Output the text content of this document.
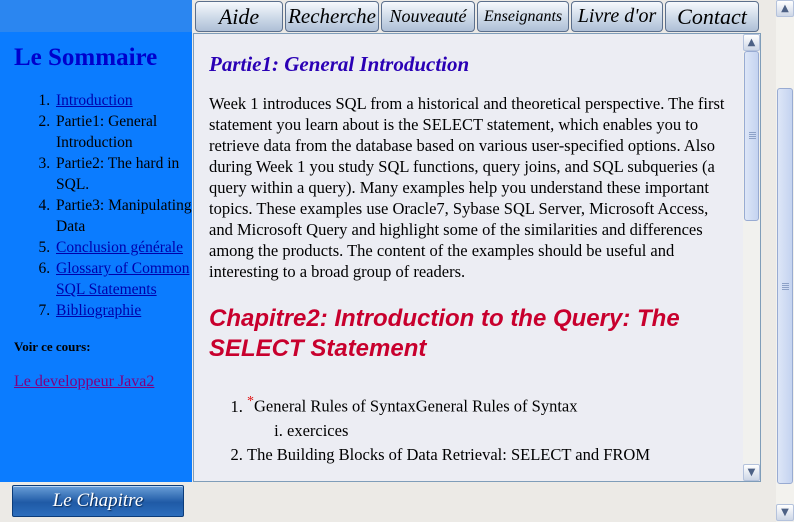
Aide	Recherche Nouveauté	Enseignants Livre d'or Contact
Le Sommaire
1. Introduction
2. Partie1: General Introduction
3. Partie2: The hard in SQL.
4. Partie3: Manipulating Data
5. Conclusion générale
6. Glossary of Common SQL Statements
7. Bibliographie
Voir ce cours:
Le developpeur Java2
Le Chapitre
Partie1: General Introduction

Week 1 introduces SQL from a historical and theoretical perspective. The first statement you learn about is the SELECT statement, which enables you to retrieve data from the database based on various user-specified options. Also during Week 1 you study SQL functions, query joins, and SQL subqueries (a query within a query). Many examples help you understand these important topics. These examples use Oracle7, Sybase SQL Server, Microsoft Access, and Microsoft Query and highlight some of the similarities and differences among the products. The content of the examples should be useful and interesting to a broad group of readers.

Chapitre2: Introduction to the Query: The SELECT Statement
1. *General Rules of SyntaxGeneral Rules of Syntax
i. exercices
2. The Building Blocks of Data Retrieval: SELECT and FROM
▲
▼
▲
▼
